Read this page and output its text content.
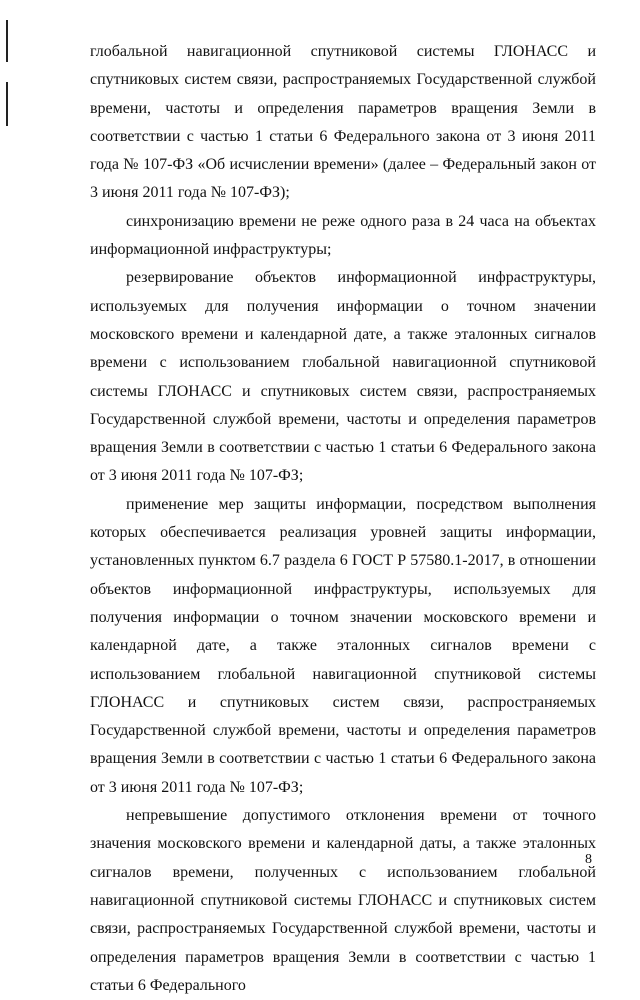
глобальной навигационной спутниковой системы ГЛОНАСС и спутниковых систем связи, распространяемых Государственной службой времени, частоты и определения параметров вращения Земли в соответствии с частью 1 статьи 6 Федерального закона от 3 июня 2011 года № 107-ФЗ «Об исчислении времени» (далее – Федеральный закон от 3 июня 2011 года № 107-ФЗ);

синхронизацию времени не реже одного раза в 24 часа на объектах информационной инфраструктуры;

резервирование объектов информационной инфраструктуры, используемых для получения информации о точном значении московского времени и календарной дате, а также эталонных сигналов времени с использованием глобальной навигационной спутниковой системы ГЛОНАСС и спутниковых систем связи, распространяемых Государственной службой времени, частоты и определения параметров вращения Земли в соответствии с частью 1 статьи 6 Федерального закона от 3 июня 2011 года № 107-ФЗ;

применение мер защиты информации, посредством выполнения которых обеспечивается реализация уровней защиты информации, установленных пунктом 6.7 раздела 6 ГОСТ Р 57580.1-2017, в отношении объектов информационной инфраструктуры, используемых для получения информации о точном значении московского времени и календарной дате, а также эталонных сигналов времени с использованием глобальной навигационной спутниковой системы ГЛОНАСС и спутниковых систем связи, распространяемых Государственной службой времени, частоты и определения параметров вращения Земли в соответствии с частью 1 статьи 6 Федерального закона от 3 июня 2011 года № 107-ФЗ;

непревышение допустимого отклонения времени от точного значения московского времени и календарной даты, а также эталонных сигналов времени, полученных с использованием глобальной навигационной спутниковой системы ГЛОНАСС и спутниковых систем связи, распространяемых Государственной службой времени, частоты и определения параметров вращения Земли в соответствии с частью 1 статьи 6 Федерального

8
